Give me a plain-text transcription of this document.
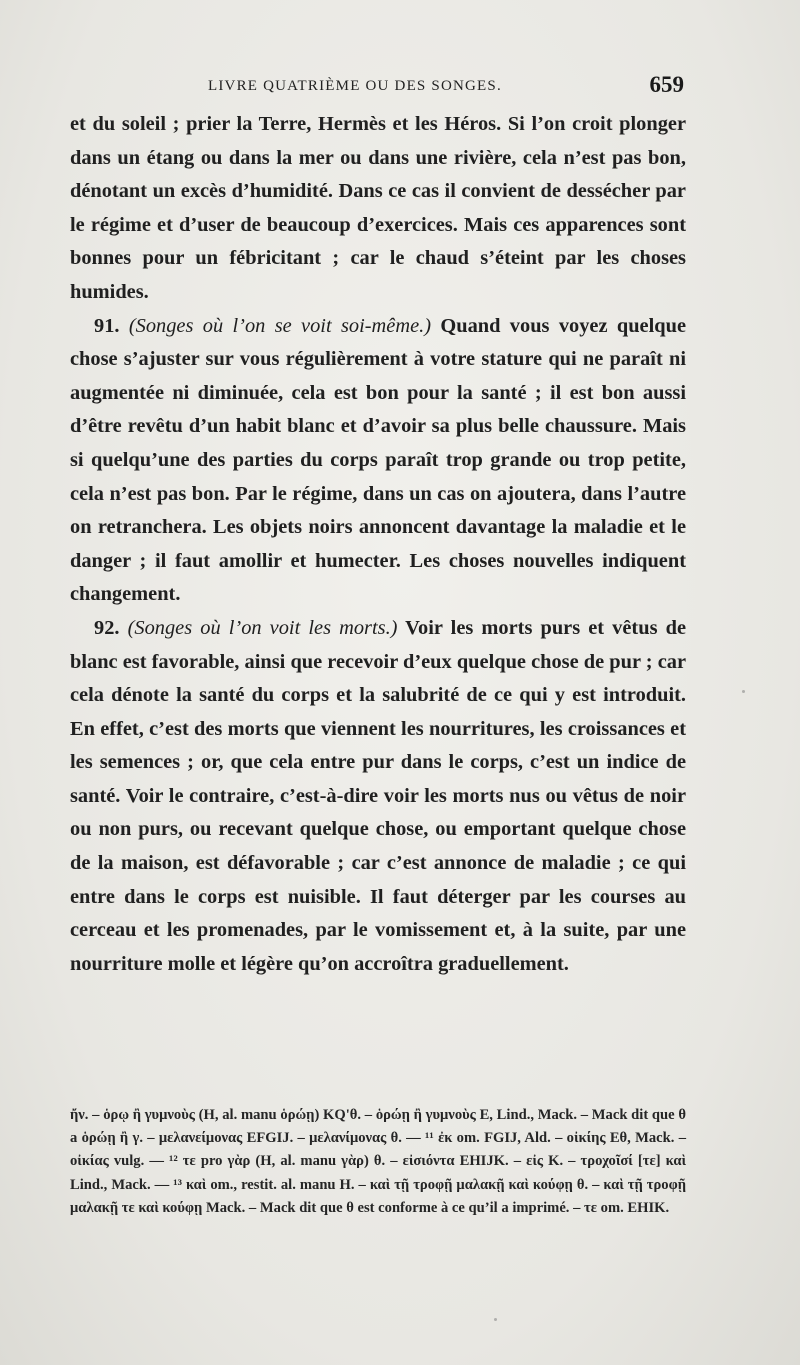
LIVRE QUATRIÈME OU DES SONGES.	659

et du soleil ; prier la Terre, Hermès et les Héros. Si l’on croit plonger dans un étang ou dans la mer ou dans une rivière, cela n’est pas bon, dénotant un excès d’humidité. Dans ce cas il convient de dessécher par le régime et d’user de beaucoup d’exercices. Mais ces apparences sont bonnes pour un fébricitant ; car le chaud s’éteint par les choses humides.

91. (Songes où l’on se voit soi-même.) Quand vous voyez quelque chose s’ajuster sur vous régulièrement à votre stature qui ne paraît ni augmentée ni diminuée, cela est bon pour la santé ; il est bon aussi d’être revêtu d’un habit blanc et d’avoir sa plus belle chaussure. Mais si quelqu’une des parties du corps paraît trop grande ou trop petite, cela n’est pas bon. Par le régime, dans un cas on ajoutera, dans l’autre on retranchera. Les objets noirs annoncent davantage la maladie et le danger ; il faut amollir et humecter. Les choses nouvelles indiquent changement.

92. (Songes où l’on voit les morts.) Voir les morts purs et vêtus de blanc est favorable, ainsi que recevoir d’eux quelque chose de pur ; car cela dénote la santé du corps et la salubrité de ce qui y est introduit. En effet, c’est des morts que viennent les nourritures, les croissances et les semences ; or, que cela entre pur dans le corps, c’est un indice de santé. Voir le contraire, c’est-à-dire voir les morts nus ou vêtus de noir ou non purs, ou recevant quelque chose, ou emportant quelque chose de la maison, est défavorable ; car c’est annonce de maladie ; ce qui entre dans le corps est nuisible. Il faut déterger par les courses au cerceau et les promenades, par le vomissement et, à la suite, par une nourriture molle et légère qu’on accroîtra graduellement.

ἤν. – ὁρῳ ἢ γυμνοὺς (H, al. manu ὁρώῃ) KQ'θ. – ὁρώῃ ἢ γυμνοὺς E, Lind., Mack. – Mack dit que θ a ὁρώῃ ἢ γ. – μελανείμονας EFGIJ. – μελανίμονας θ. — ¹¹ ἐκ om. FGIJ, Ald. – οἰκίης Eθ, Mack. – οἰκίας vulg. — ¹² τε pro γὰρ (H, al. manu γὰρ) θ. – εἰσιόντα EHIJK. – εἰς K. – τροχοῖσί [τε] καὶ Lind., Mack. — ¹³ καὶ om., restit. al. manu H. – καὶ τῇ τροφῇ μαλακῇ καὶ κούφῃ θ. – καὶ τῇ τροφῇ μαλακῇ τε καὶ κούφῃ Mack. – Mack dit que θ est conforme à ce qu’il a imprimé. – τε om. EHIK.
